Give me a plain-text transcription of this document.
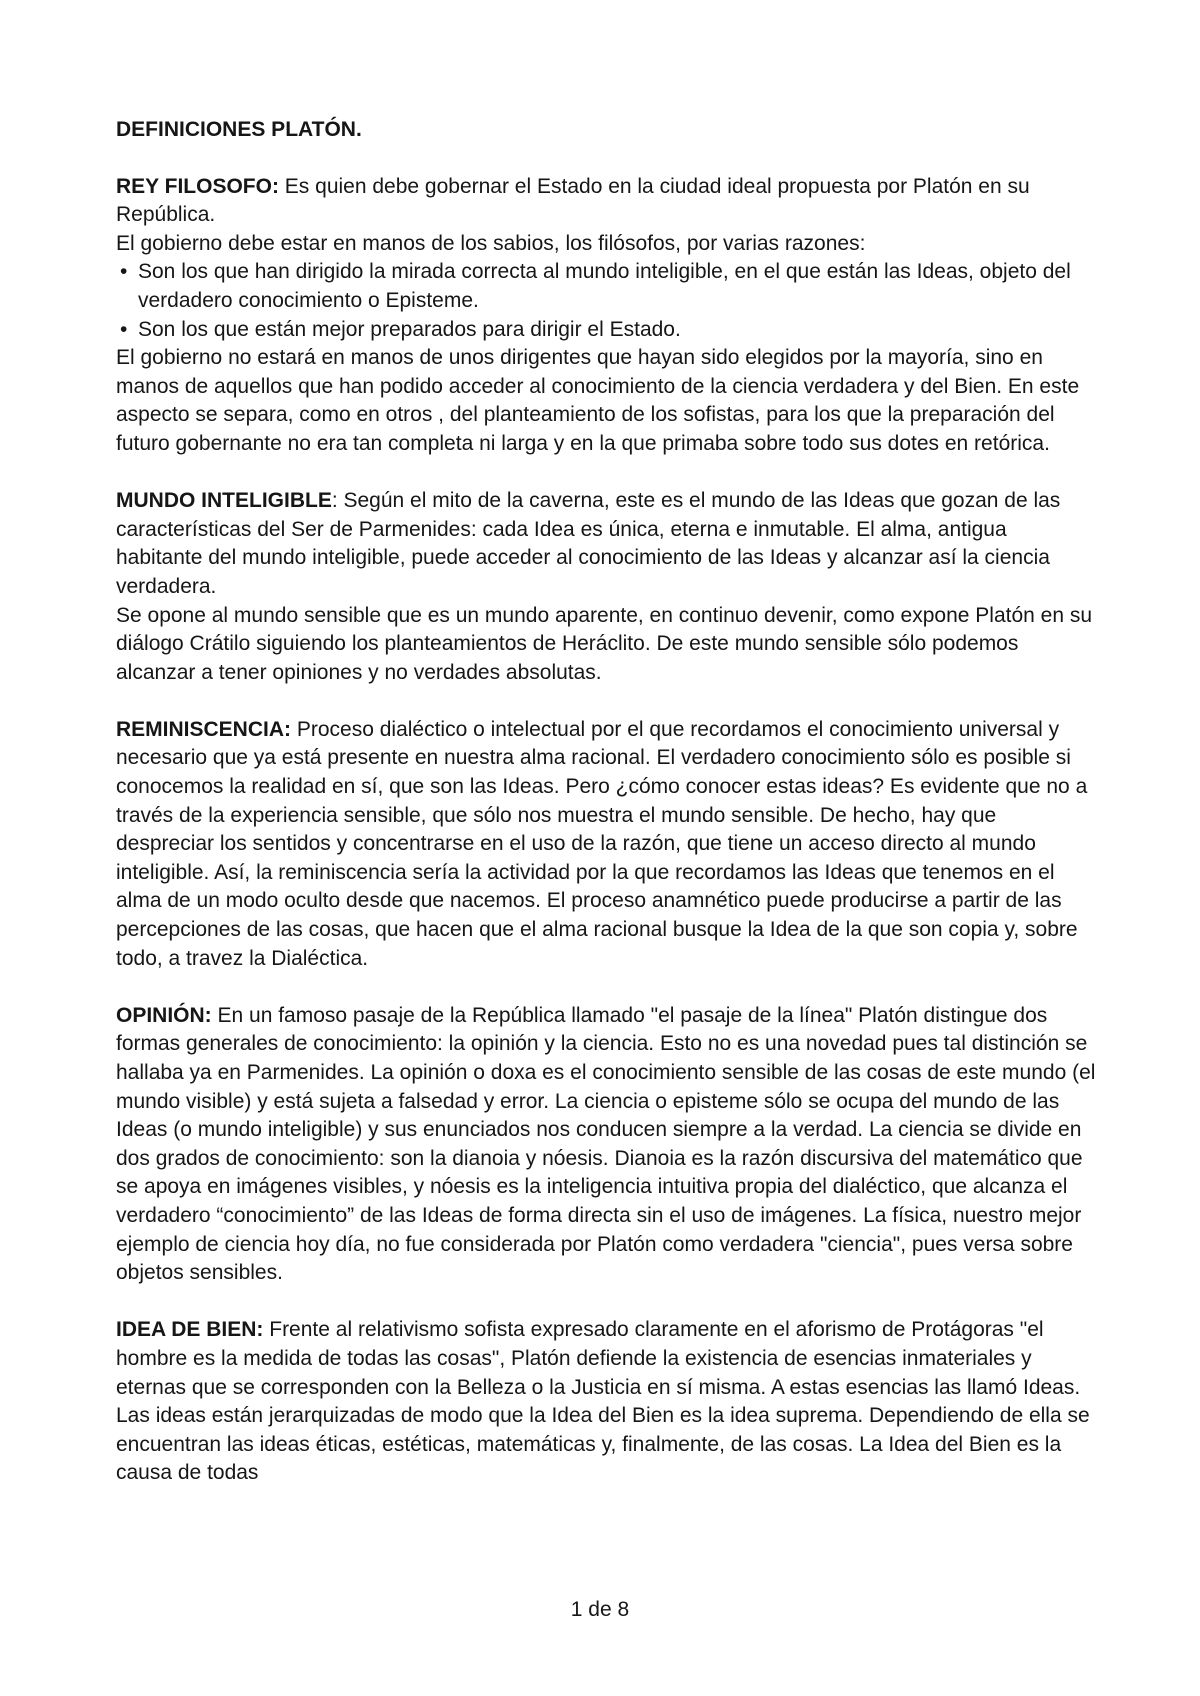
DEFINICIONES PLATÓN.

REY FILOSOFO: Es quien debe gobernar el Estado en la ciudad ideal propuesta por Platón en su República.

El gobierno debe estar en manos de los sabios, los filósofos, por varias razones:

• Son los que han dirigido la mirada correcta al mundo inteligible, en el que están las Ideas, objeto del verdadero conocimiento o Episteme.
• Son los que están mejor preparados para dirigir el Estado.

El gobierno no estará en manos de unos dirigentes que hayan sido elegidos por la mayoría, sino en manos de aquellos que han podido acceder al conocimiento de la ciencia verdadera y del Bien. En este aspecto se separa, como en otros , del planteamiento de los sofistas, para los que la preparación del futuro gobernante no era tan completa ni larga y en la que primaba sobre todo sus dotes en retórica.

MUNDO INTELIGIBLE: Según el mito de la caverna, este es el mundo de las Ideas que gozan de las características del Ser de Parmenides: cada Idea es única, eterna e inmutable. El alma, antigua habitante del mundo inteligible, puede acceder al conocimiento de las Ideas y alcanzar así la ciencia verdadera.

Se opone al mundo sensible que es un mundo aparente, en continuo devenir, como expone Platón en su diálogo Crátilo siguiendo los planteamientos de Heráclito. De este mundo sensible sólo podemos alcanzar a tener opiniones y no verdades absolutas.

REMINISCENCIA: Proceso dialéctico o intelectual por el que recordamos el conocimiento universal y necesario que ya está presente en nuestra alma racional. El verdadero conocimiento sólo es posible si conocemos la realidad en sí, que son las Ideas. Pero ¿cómo conocer estas ideas? Es evidente que no a través de la experiencia sensible, que sólo nos muestra el mundo sensible. De hecho, hay que despreciar los sentidos y concentrarse en el uso de la razón, que tiene un acceso directo al mundo inteligible. Así, la reminiscencia sería la actividad por la que recordamos las Ideas que tenemos en el alma de un modo oculto desde que nacemos. El proceso anamnético puede producirse a partir de las percepciones de las cosas, que hacen que el alma racional busque la Idea de la que son copia y, sobre todo, a travez la Dialéctica.

OPINIÓN: En un famoso pasaje de la República llamado "el pasaje de la línea" Platón distingue dos formas generales de conocimiento: la opinión y la ciencia. Esto no es una novedad pues tal distinción se hallaba ya en Parmenides. La opinión o doxa es el conocimiento sensible de las cosas de este mundo (el mundo visible) y está sujeta a falsedad y error. La ciencia o episteme sólo se ocupa del mundo de las Ideas (o mundo inteligible) y sus enunciados nos conducen siempre a la verdad. La ciencia se divide en dos grados de conocimiento: son la dianoia y nóesis. Dianoia es la razón discursiva del matemático que se apoya en imágenes visibles, y nóesis es la inteligencia intuitiva propia del dialéctico, que alcanza el verdadero “conocimiento” de las Ideas de forma directa sin el uso de imágenes. La física, nuestro mejor ejemplo de ciencia hoy día, no fue considerada por Platón como verdadera "ciencia", pues versa sobre objetos sensibles.

IDEA DE BIEN: Frente al relativismo sofista expresado claramente en el aforismo de Protágoras "el hombre es la medida de todas las cosas", Platón defiende la existencia de esencias inmateriales y eternas que se corresponden con la Belleza o la Justicia en sí misma. A estas esencias las llamó Ideas. Las ideas están jerarquizadas de modo que la Idea del Bien es la idea suprema. Dependiendo de ella se encuentran las ideas éticas, estéticas, matemáticas y, finalmente, de las cosas. La Idea del Bien es la causa de todas

1 de 8
